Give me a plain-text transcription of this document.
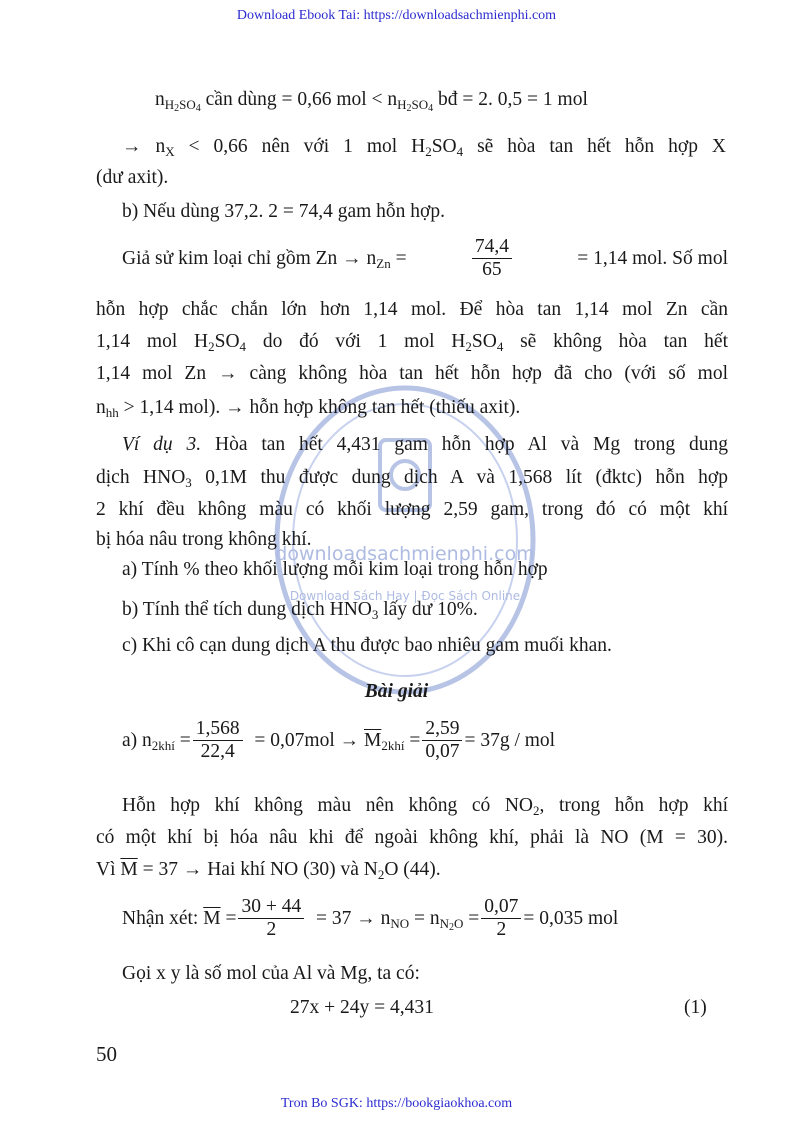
Download Ebook Tai: https://downloadsachmienphi.com
downloadsachmienphi.com
Download Sách Hay | Đọc Sách Online
$n_{H_2SO_4}$ cần dùng = 0,66 mol < $n_{H_2SO_4}$ bđ = 2. 0,5 = 1 mol
→ $n_X < 0,66$ nên với 1 mol $H_2SO_4$ sẽ hòa tan hết hỗn hợp X
(dư axit).
b) Nếu dùng 37,2. 2 = 74,4 gam hỗn hợp.
Giả sử kim loại chỉ gồm $Zn \to n_{Zn}$ =	$\frac{74,4}{65}$	= 1,14 mol. Số mol
hỗn hợp chắc chắn lớn hơn 1,14 mol. Để hòa tan 1,14 mol Zn cần
1,14 mol $H_2SO_4$ do đó với 1 mol $H_2SO_4$ sẽ không hòa tan hết
1,14 mol Zn → càng không hòa tan hết hỗn hợp đã cho (với số mol
$n_{hh} > 1,14$ mol). → hỗn hợp không tan hết (thiếu axit).
Ví dụ 3. Hòa tan hết 4,431 gam hỗn hợp Al và Mg trong dung
dịch $HNO_3$ 0,1M thu được dung dịch A và 1,568 lít (đktc) hỗn hợp
2 khí đều không màu có khối lượng 2,59 gam, trong đó có một khí
bị hóa nâu trong không khí.
a) Tính % theo khối lượng mỗi kim loại trong hỗn hợp
b) Tính thể tích dung dịch $HNO_3$ lấy dư 10%.
c) Khi cô cạn dung dịch A thu được bao nhiêu gam muối khan.
Bài giải
a) $n_{2khí} = \frac{1,568}{22,4} = 0,07mol \to \overline{M}_{2khí} = \frac{2,59}{0,07} = 37g$ / mol
Hỗn hợp khí không màu nên không có $NO_2$, trong hỗn hợp khí
có một khí bị hóa nâu khi để ngoài không khí, phải là NO (M = 30).
Vì $\overline{M} = 37$ → Hai khí NO (30) và $N_2O$ (44).
Nhận xét: $\overline{M} = \frac{30 + 44}{2} = 37 \to n_{NO} = n_{N_2O} = \frac{0,07}{2} = 0,035$ mol
Gọi x y là số mol của Al và Mg, ta có:
27x + 24y = 4,431	(1)
50
Tron Bo SGK: https://bookgiaokhoa.com
